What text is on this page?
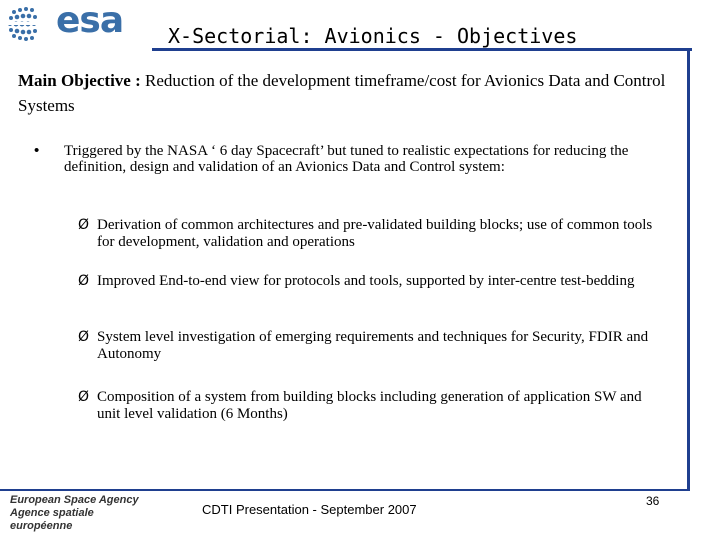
esa X-Sectorial: Avionics - Objectives
Main Objective : Reduction of the development timeframe/cost for Avionics Data and Control Systems
• Triggered by the NASA ‘ 6 day Spacecraft’ but tuned to realistic expectations for reducing the definition, design and validation of an Avionics Data and Control system:
Ø Derivation of common architectures and pre-validated building blocks; use of common tools for development, validation and operations
Ø Improved End-to-end view for protocols and tools, supported by inter-centre test-bedding
Ø System level investigation of emerging requirements and techniques for Security, FDIR and Autonomy
Ø Composition of a system from building blocks including generation of application SW and unit level validation (6 Months)
European Space Agency
Agence spatiale européenne
CDTI Presentation - September 2007
36
